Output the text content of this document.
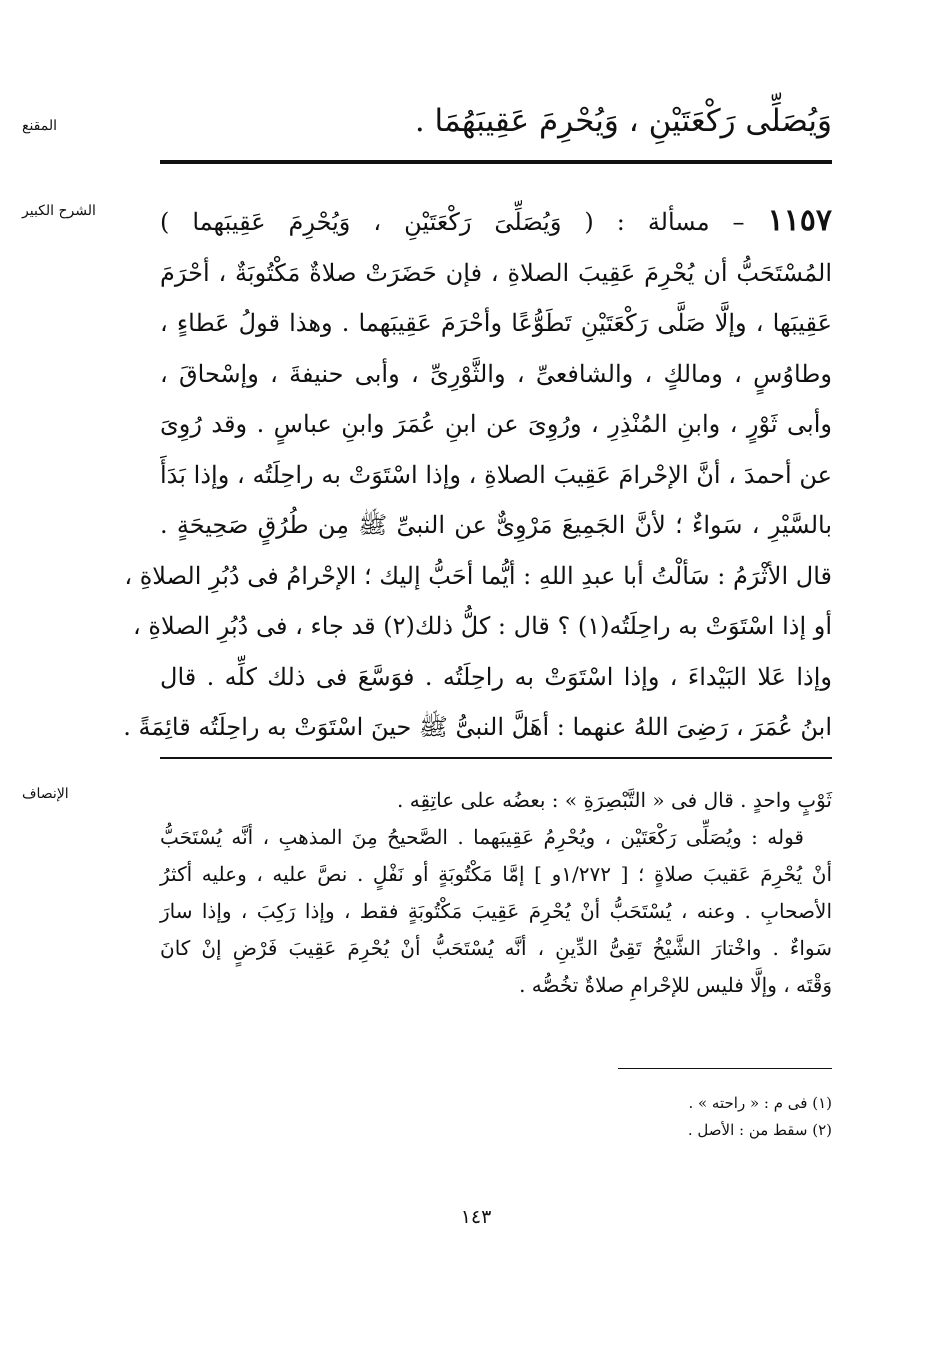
المقنع
الشرح الكبير
الإنصاف
وَيُصَلِّى رَكْعَتَيْنِ ، وَيُحْرِمَ عَقِيبَهُمَا .
١١٥٧ – مسألة : ( وَيُصَلِّىَ رَكْعَتَيْنِ ، وَيُحْرِمَ عَقِيبَهما )
المُسْتَحَبُّ أن يُحْرِمَ عَقِيبَ الصلاةِ ، فإن حَضَرَتْ صلاةٌ مَكْتُوبَةٌ ، أحْرَمَ
عَقِيبَها ، وإلَّا صَلَّى رَكْعَتَيْنِ تَطَوُّعًا وأحْرَمَ عَقِيبَهما . وهذا قولُ عَطاءٍ ،
وطاوُسٍ ، ومالكٍ ، والشافعىِّ ، والثَّوْرِىِّ ، وأبى حنيفةَ ، وإسْحاقَ ،
وأبى ثَوْرٍ ، وابنِ المُنْذِرِ ، ورُوِىَ عن ابنِ عُمَرَ وابنِ عباسٍ . وقد رُوِىَ
عن أحمدَ ، أنَّ الإحْرامَ عَقِيبَ الصلاةِ ، وإذا اسْتَوَتْ به راحِلَتُه ، وإذا بَدَأَ
بالسَّيْرِ ، سَواءٌ ؛ لأنَّ الجَمِيعَ مَرْوِىٌّ عن النبىِّ ﷺ مِن طُرُقٍ صَحِيحَةٍ .
قال الأثْرَمُ : سَألْتُ أبا عبدِ اللهِ : أيُّما أحَبُّ إليك ؛ الإحْرامُ فى دُبُرِ الصلاةِ ،
أو إذا اسْتَوَتْ به راحِلَتُه(١) ؟ قال : كلُّ ذلك(٢) قد جاء ، فى دُبُرِ الصلاةِ ،
وإذا عَلا البَيْداءَ ، وإذا اسْتَوَتْ به راحِلَتُه . فوَسَّعَ فى ذلك كلِّه . قال
ابنُ عُمَرَ ، رَضِىَ اللهُ عنهما : أهَلَّ النبىُّ ﷺ حينَ اسْتَوَتْ به راحِلَتُه قائِمَةً .
ثَوْبٍ واحدٍ . قال فى « التَّبْصِرَةِ » : بعضُه على عاتِقِه .
قوله : ويُصَلِّى رَكْعَتَيْن ، ويُحْرِمُ عَقِيبَهما . الصَّحيحُ مِنَ المذهبِ ، أنَّه يُسْتَحَبُّ
أنْ يُحْرِمَ عَقيبَ صلاةٍ ؛ [ ١/٢٧٢و ] إمَّا مَكْتُوبَةٍ أو نَفْلٍ . نصَّ عليه ، وعليه أكثرُ
الأصحابِ . وعنه ، يُسْتَحَبُّ أنْ يُحْرِمَ عَقِيبَ مَكْتُوبَةٍ فقط ، وإذا رَكِبَ ، وإذا سارَ
سَواءٌ . واخْتارَ الشَّيْخُ تَقِىُّ الدِّينِ ، أنَّه يُسْتَحَبُّ أنْ يُحْرِمَ عَقِيبَ فَرْضٍ إنْ كانَ
وَقْتَه ، وإلَّا فليس للإحْرامِ صلاةٌ تخُصُّه .
(١) فى م : « راحته » .
(٢) سقط من : الأصل .
١٤٣
